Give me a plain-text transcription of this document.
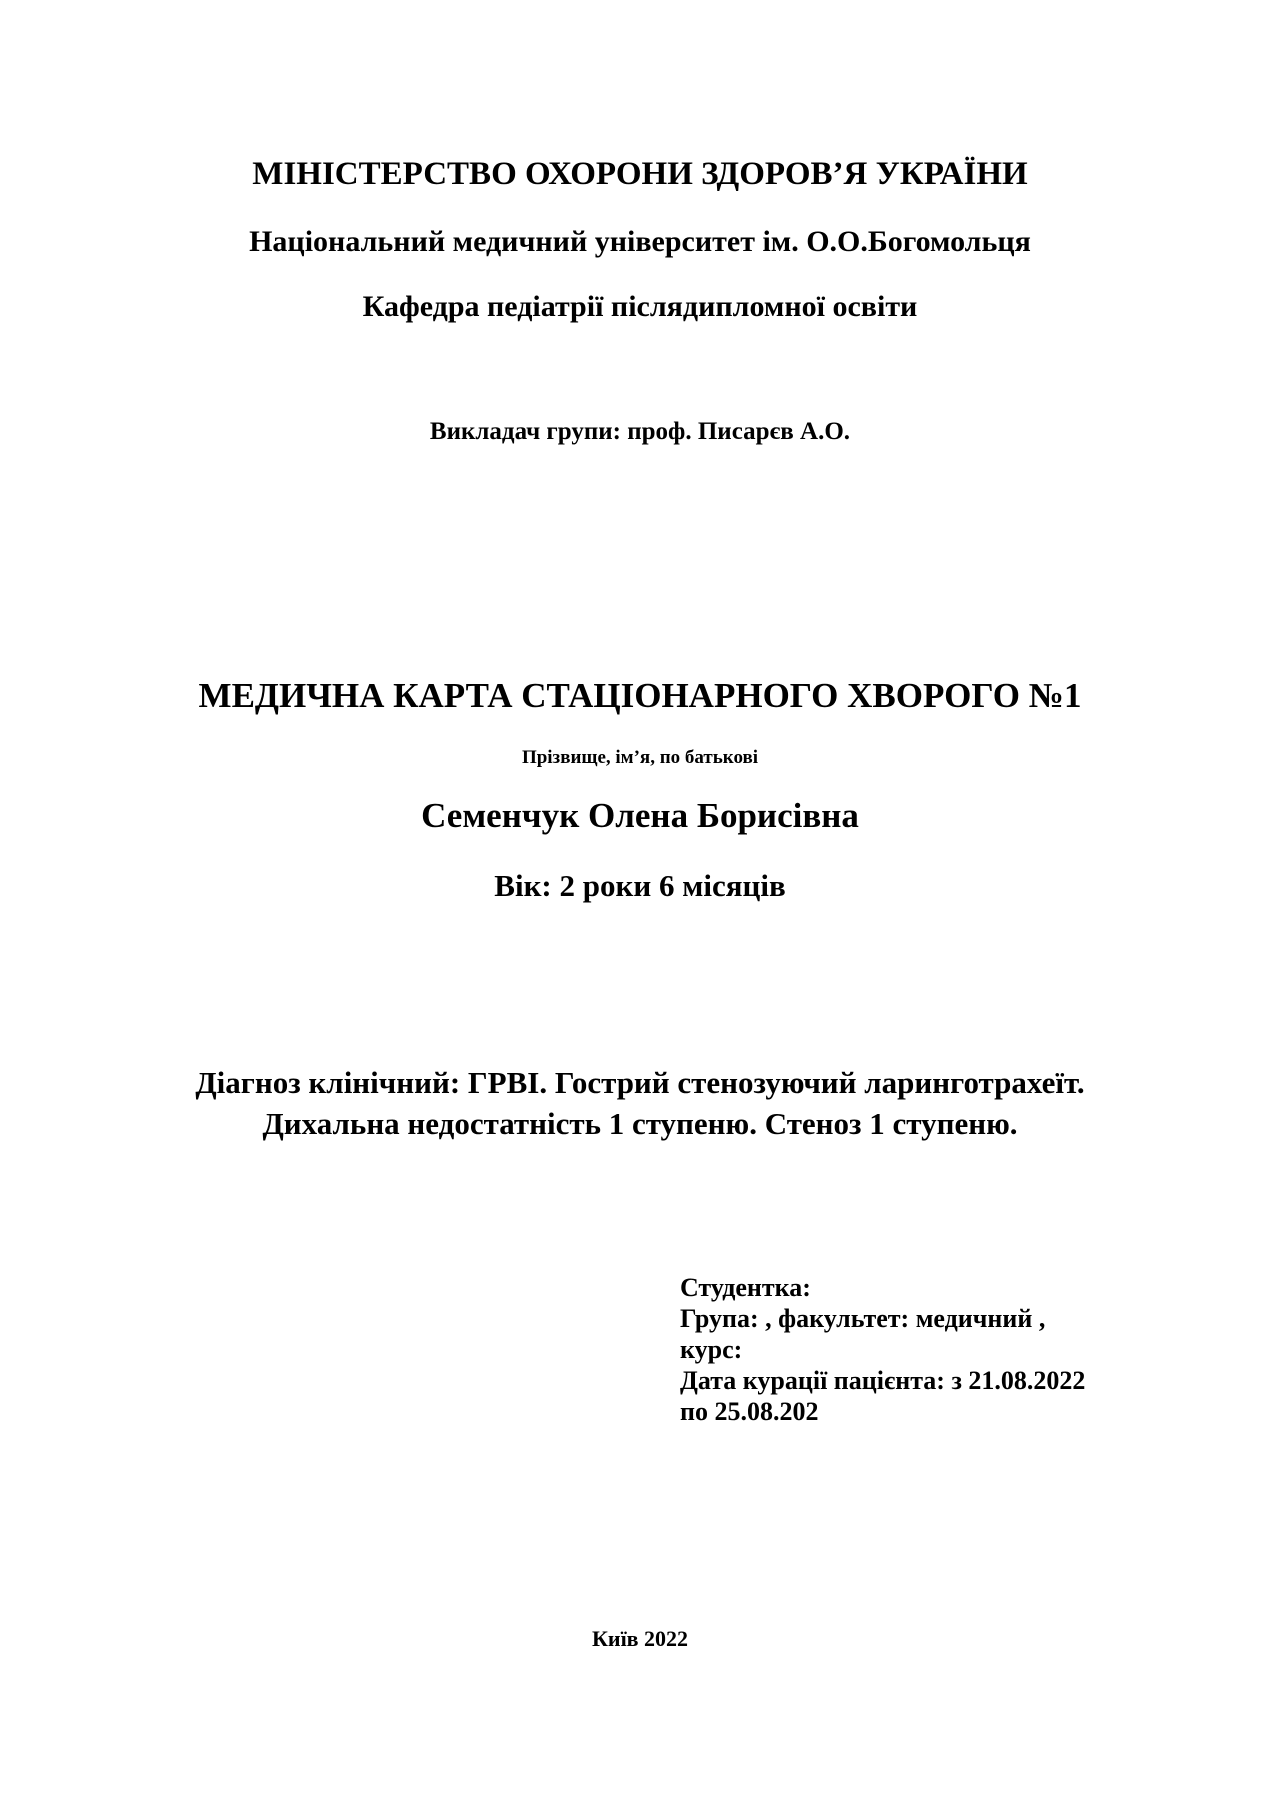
МІНІСТЕРСТВО ОХОРОНИ ЗДОРОВ’Я УКРАЇНИ
Національний медичний університет ім. О.О.Богомольця
Кафедра педіатрії післядипломної освіти
Викладач групи: проф. Писарєв А.О.
МЕДИЧНА КАРТА СТАЦІОНАРНОГО ХВОРОГО №1
Прізвище, ім’я, по батькові
Семенчук Олена Борисівна
Вік: 2 роки 6 місяців
Діагноз клінічний: ГРВІ. Гострий стенозуючий ларинготрахеїт.
Дихальна недостатність 1 ступеню. Стеноз 1 ступеню.
Студентка:
Група: , факультет: медичний ,
курс:
Дата курації пацієнта: з 21.08.2022
по 25.08.202
Київ 2022
